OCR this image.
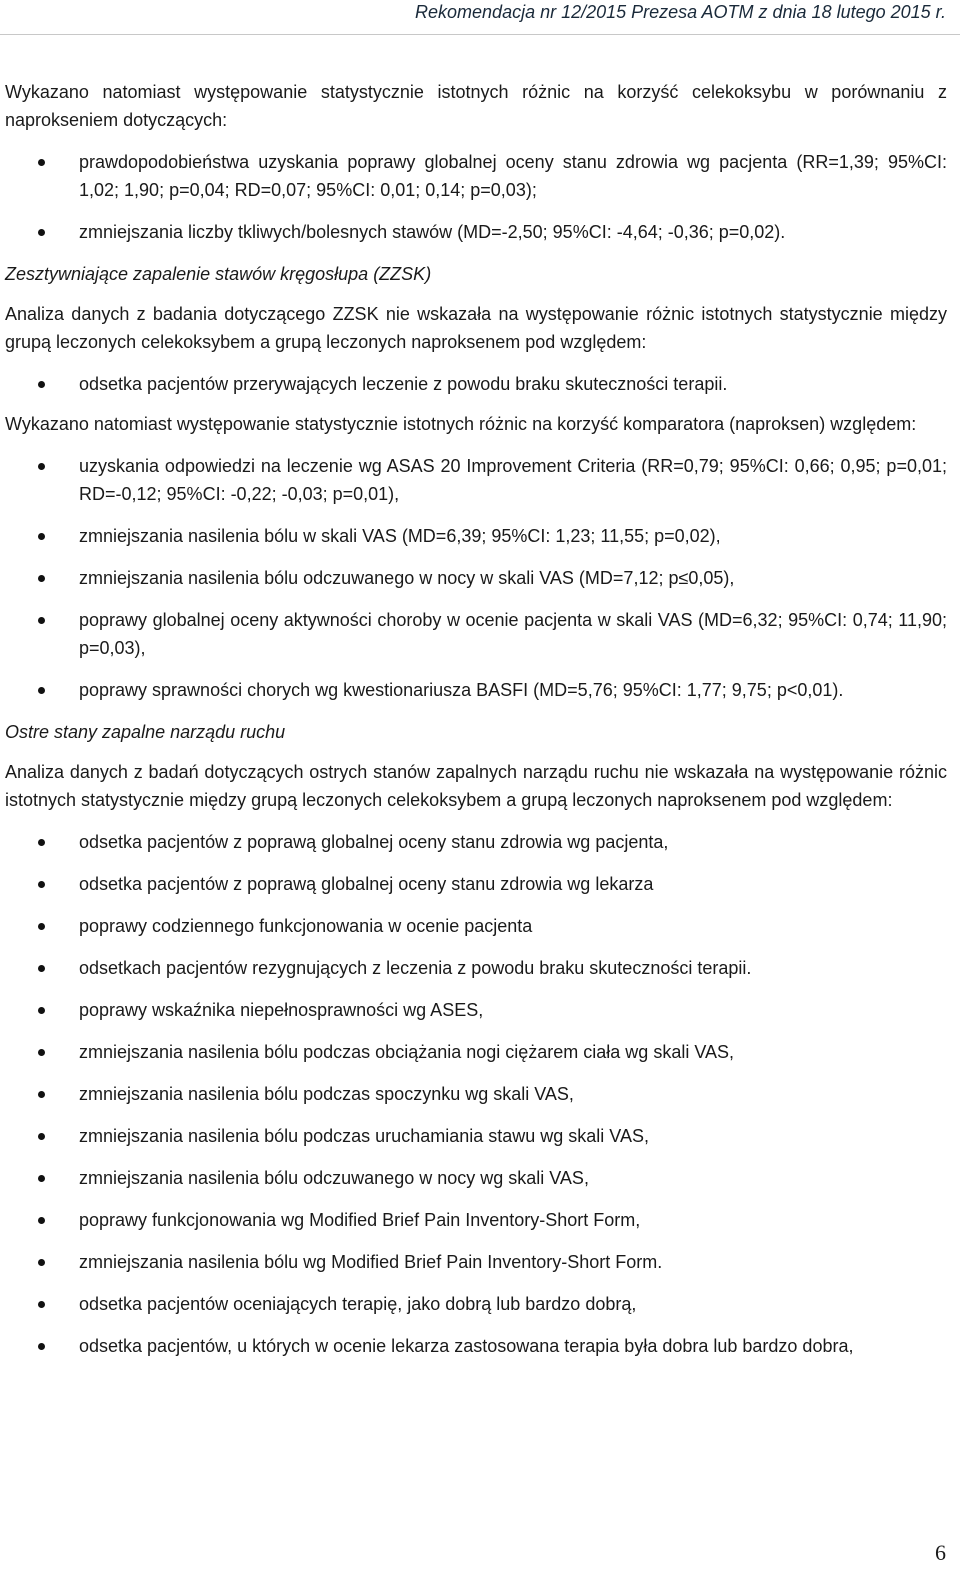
Rekomendacja nr 12/2015 Prezesa AOTM z dnia 18 lutego 2015 r.

Wykazano natomiast występowanie statystycznie istotnych różnic na korzyść celekoksybu w porównaniu z naprokseniem dotyczących:

prawdopodobieństwa uzyskania poprawy globalnej oceny stanu zdrowia wg pacjenta (RR=1,39; 95%CI: 1,02; 1,90; p=0,04; RD=0,07; 95%CI: 0,01; 0,14; p=0,03);
zmniejszania liczby tkliwych/bolesnych stawów (MD=-2,50; 95%CI: -4,64; -0,36; p=0,02).

Zesztywniające zapalenie stawów kręgosłupa (ZZSK)

Analiza danych z badania dotyczącego ZZSK nie wskazała na występowanie różnic istotnych statystycznie między grupą leczonych celekoksybem a grupą leczonych naproksenem pod względem:

odsetka pacjentów przerywających leczenie z powodu braku skuteczności terapii.

Wykazano natomiast występowanie statystycznie istotnych różnic na korzyść komparatora (naproksen) względem:

uzyskania odpowiedzi na leczenie wg ASAS 20 Improvement Criteria (RR=0,79; 95%CI: 0,66; 0,95; p=0,01; RD=-0,12; 95%CI: -0,22; -0,03; p=0,01),
zmniejszania nasilenia bólu w skali VAS (MD=6,39; 95%CI: 1,23; 11,55; p=0,02),
zmniejszania nasilenia bólu odczuwanego w nocy w skali VAS (MD=7,12; p≤0,05),
poprawy globalnej oceny aktywności choroby w ocenie pacjenta w skali VAS (MD=6,32; 95%CI: 0,74; 11,90; p=0,03),
poprawy sprawności chorych wg kwestionariusza BASFI (MD=5,76; 95%CI: 1,77; 9,75; p<0,01).

Ostre stany zapalne narządu ruchu

Analiza danych z badań dotyczących ostrych stanów zapalnych narządu ruchu nie wskazała na występowanie różnic istotnych statystycznie między grupą leczonych celekoksybem a grupą leczonych naproksenem pod względem:

odsetka pacjentów z poprawą globalnej oceny stanu zdrowia wg pacjenta,
odsetka pacjentów z poprawą globalnej oceny stanu zdrowia wg lekarza
poprawy codziennego funkcjonowania w ocenie pacjenta
odsetkach pacjentów rezygnujących z leczenia z powodu braku skuteczności terapii.
poprawy wskaźnika niepełnosprawności wg ASES,
zmniejszania nasilenia bólu podczas obciążania nogi ciężarem ciała wg skali VAS,
zmniejszania nasilenia bólu podczas spoczynku wg skali VAS,
zmniejszania nasilenia bólu podczas uruchamiania stawu wg skali VAS,
zmniejszania nasilenia bólu odczuwanego w nocy wg skali VAS,
poprawy funkcjonowania wg Modified Brief Pain Inventory-Short Form,
zmniejszania nasilenia bólu wg Modified Brief Pain Inventory-Short Form.
odsetka pacjentów oceniających terapię, jako dobrą lub bardzo dobrą,
odsetka pacjentów, u których w ocenie lekarza zastosowana terapia była dobra lub bardzo dobra,
6
